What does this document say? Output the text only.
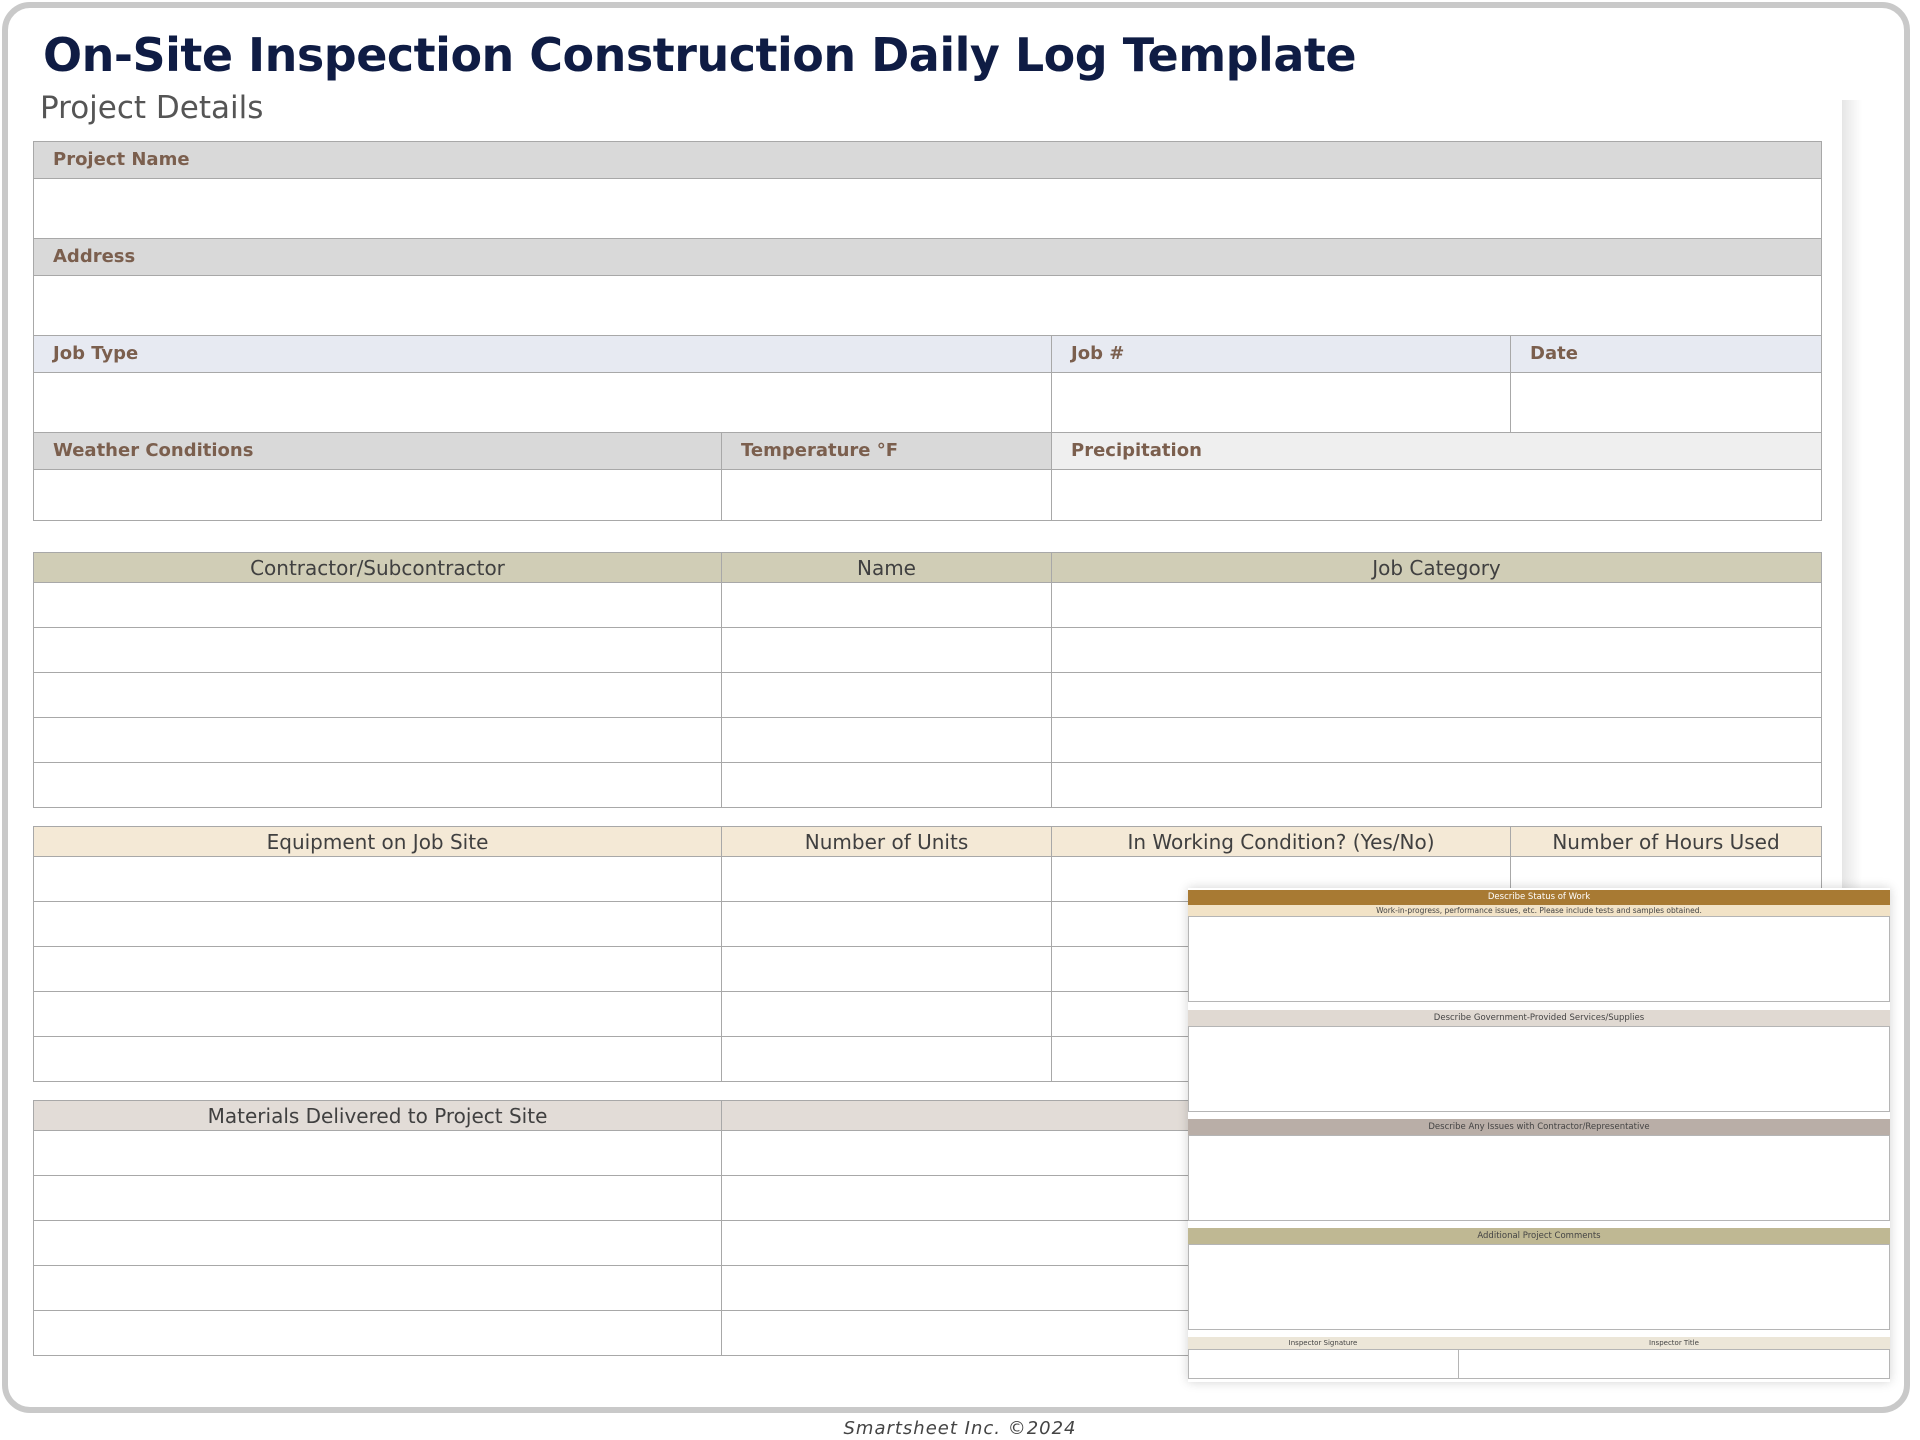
On-Site Inspection Construction Daily Log Template
Project Details
Project Name
Address
Job Type	Job #	Date
Weather Conditions	Temperature °F	Precipitation
Contractor/Subcontractor	Name	Job Category
Equipment on Job Site	Number of Units	In Working Condition? (Yes/No)	Number of Hours Used
Materials Delivered to Project Site
Describe Status of Work
Work-in-progress, performance issues, etc. Please include tests and samples obtained.
Describe Government-Provided Services/Supplies
Describe Any Issues with Contractor/Representative
Additional Project Comments
Inspector Signature	Inspector Title
Smartsheet Inc. ©2024
